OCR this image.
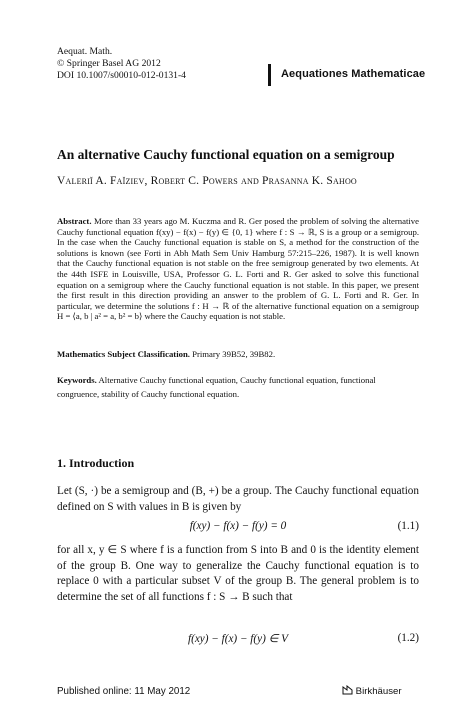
Aequat. Math.
© Springer Basel AG 2012
DOI 10.1007/s00010-012-0131-4	Aequationes Mathematicae
An alternative Cauchy functional equation on a semigroup
Valeriĭ A. Faĭziev, Robert C. Powers and Prasanna K. Sahoo
Abstract. More than 33 years ago M. Kuczma and R. Ger posed the problem of solving the alternative Cauchy functional equation f(xy) − f(x) − f(y) ∈ {0, 1} where f : S → ℝ, S is a group or a semigroup. In the case when the Cauchy functional equation is stable on S, a method for the construction of the solutions is known (see Forti in Abh Math Sem Univ Hamburg 57:215–226, 1987). It is well known that the Cauchy functional equation is not stable on the free semigroup generated by two elements. At the 44th ISFE in Louisville, USA, Professor G. L. Forti and R. Ger asked to solve this functional equation on a semigroup where the Cauchy functional equation is not stable. In this paper, we present the first result in this direction providing an answer to the problem of G. L. Forti and R. Ger. In particular, we determine the solutions f : H → ℝ of the alternative functional equation on a semigroup H = ⟨a, b | a² = a, b² = b⟩ where the Cauchy equation is not stable.
Mathematics Subject Classification. Primary 39B52, 39B82.
Keywords. Alternative Cauchy functional equation, Cauchy functional equation, functional congruence, stability of Cauchy functional equation.
1. Introduction
Let (S, ·) be a semigroup and (B, +) be a group. The Cauchy functional equation defined on S with values in B is given by
f(xy) − f(x) − f(y) = 0	(1.1)
for all x, y ∈ S where f is a function from S into B and 0 is the identity element of the group B. One way to generalize the Cauchy functional equation is to replace 0 with a particular subset V of the group B. The general problem is to determine the set of all functions f : S → B such that
f(xy) − f(x) − f(y) ∈ V	(1.2)
Published online: 11 May 2012	Birkhäuser
